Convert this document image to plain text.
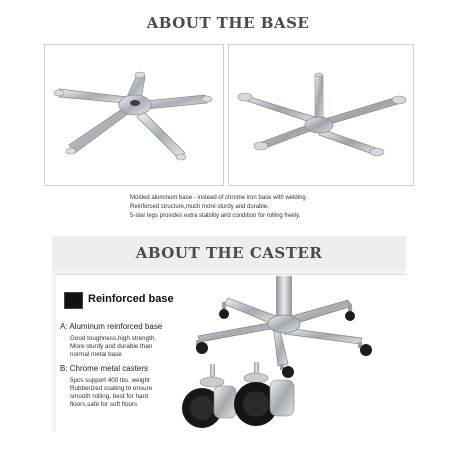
ABOUT THE BASE
Molded aluminum base - instead of chrome iron base with welding .
Reinforced structure,much more sturdy and durable.
5-star legs provides extra stability and condition for rolling freely.
ABOUT THE CASTER
Reinforced base
A: Aluminum reinforced base
Good toughness,high strength.
More sturdy and durable than
normal metal base
B: Chrome metal casters
5pcs support 400 lbs. weight
Rubberized coating to ensure
smooth rolling, best for hard
floors,safe for soft floors
